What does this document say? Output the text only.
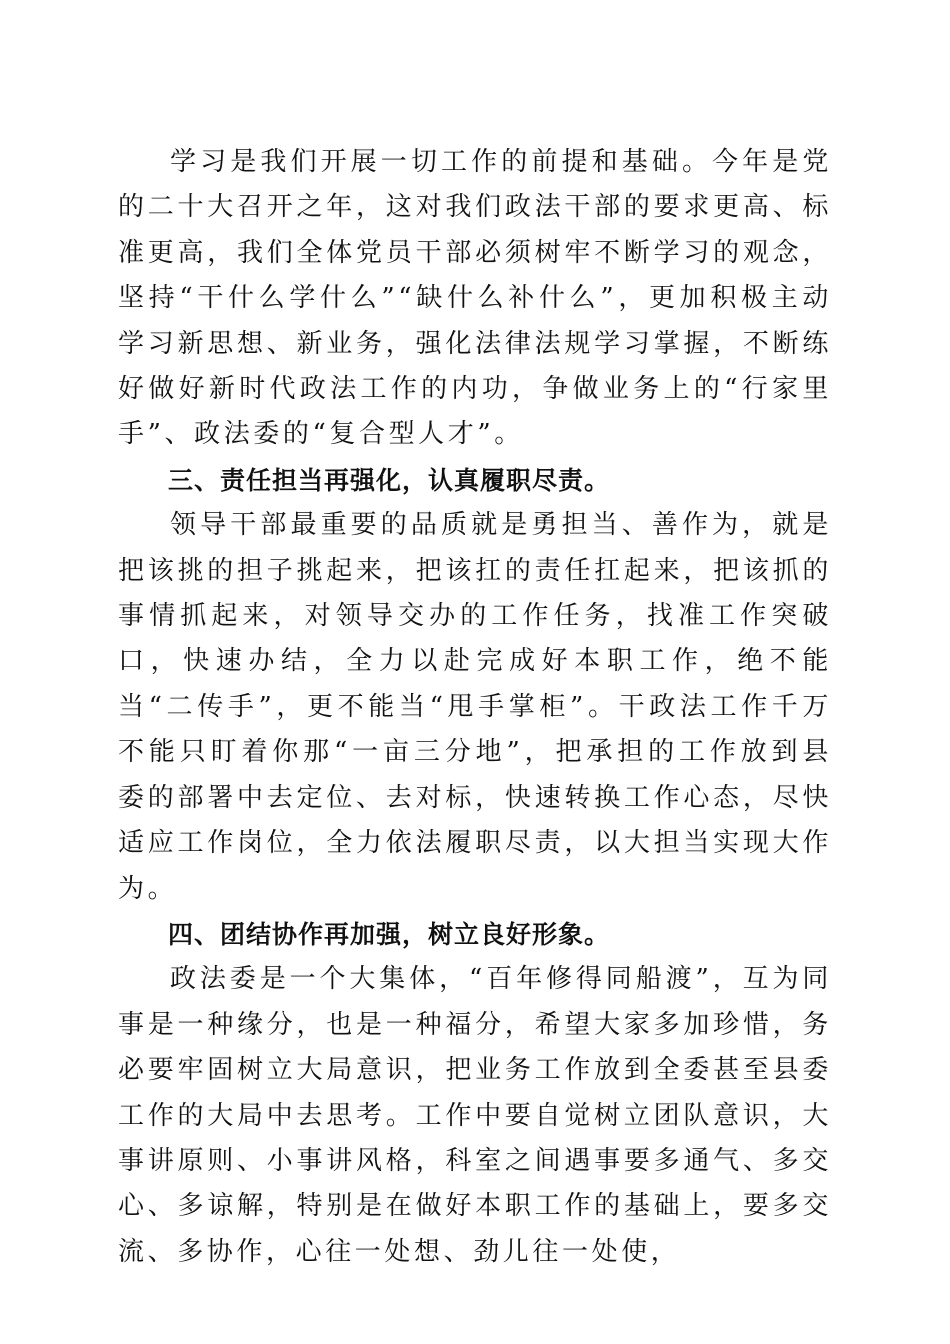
学习是我们开展一切工作的前提和基础。今年是党的二十大召开之年，这对我们政法干部的要求更高、标准更高，我们全体党员干部必须树牢不断学习的观念，坚持“干什么学什么”“缺什么补什么”，更加积极主动学习新思想、新业务，强化法律法规学习掌握，不断练好做好新时代政法工作的内功，争做业务上的“行家里手”、政法委的“复合型人才”。

三、责任担当再强化，认真履职尽责。

领导干部最重要的品质就是勇担当、善作为，就是把该挑的担子挑起来，把该扛的责任扛起来，把该抓的事情抓起来，对领导交办的工作任务，找准工作突破口，快速办结，全力以赴完成好本职工作，绝不能当“二传手”，更不能当“甩手掌柜”。干政法工作千万不能只盯着你那“一亩三分地”，把承担的工作放到县委的部署中去定位、去对标，快速转换工作心态，尽快适应工作岗位，全力依法履职尽责，以大担当实现大作为。

四、团结协作再加强，树立良好形象。

政法委是一个大集体，“百年修得同船渡”，互为同事是一种缘分，也是一种福分，希望大家多加珍惜，务必要牢固树立大局意识，把业务工作放到全委甚至县委工作的大局中去思考。工作中要自觉树立团队意识，大事讲原则、小事讲风格，科室之间遇事要多通气、多交心、多谅解，特别是在做好本职工作的基础上，要多交流、多协作，心往一处想、劲儿往一处使，
